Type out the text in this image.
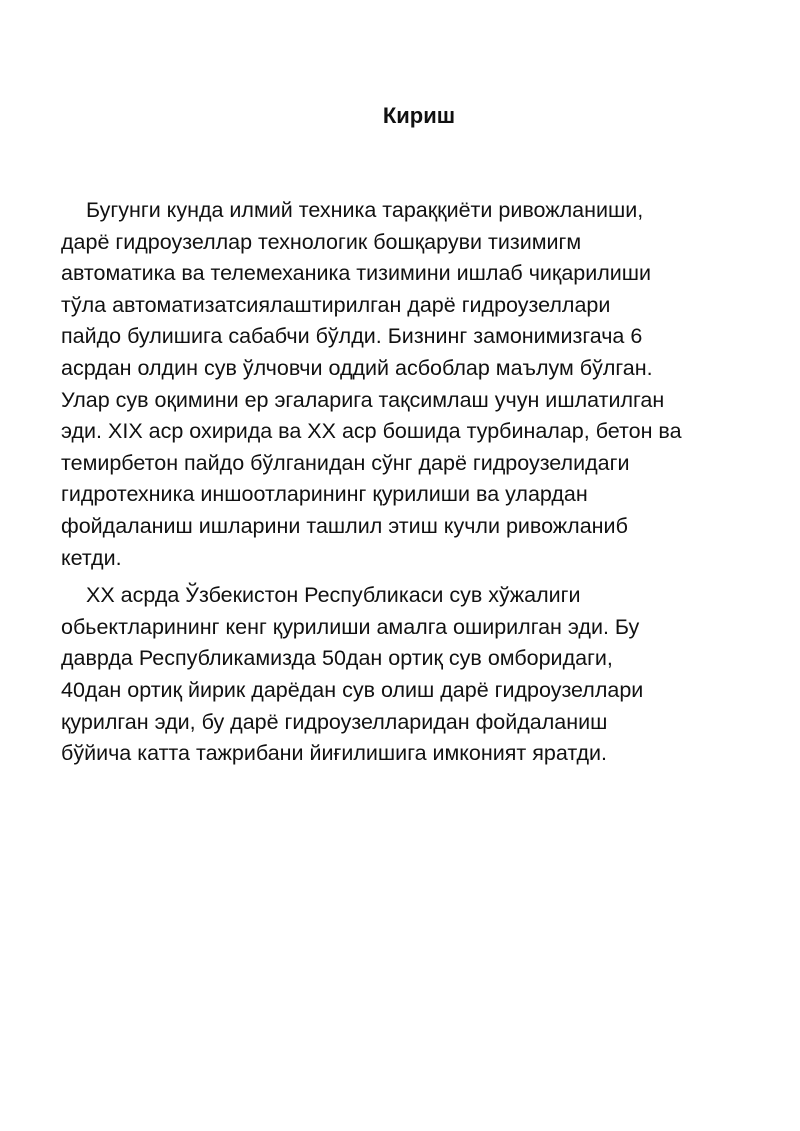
Кириш

Бугунги кунда илмий техника тараққиёти ривожланиши,
дарё гидроузеллар технологик бошқаруви тизимигм
автоматика ва телемеханика тизимини ишлаб чиқарилиши
тўла автоматизатсиялаштирилган дарё гидроузеллари
пайдо булишига сабабчи бўлди. Бизнинг замонимизгача 6
асрдан олдин сув ўлчовчи оддий асбоблар маълум бўлган.
Улар сув оқимини ер эгаларига тақсимлаш учун ишлатилган
эди. XIX аср охирида ва XX аср бошида турбиналар, бетон ва
темирбетон пайдо бўлганидан сўнг дарё гидроузелидаги
гидротехника иншоотларининг қурилиши ва улардан
фойдаланиш ишларини ташлил этиш кучли ривожланиб
кетди.

XX асрда Ўзбекистон Республикаси сув хўжалиги
обьектларининг кенг қурилиши амалга оширилган эди. Бу
даврда Республикамизда 50дан ортиқ сув омборидаги,
40дан ортиқ йирик дарёдан сув олиш дарё гидроузеллари
қурилган эди, бу дарё гидроузелларидан фойдаланиш
бўйича катта тажрибани йиғилишига имконият яратди.
